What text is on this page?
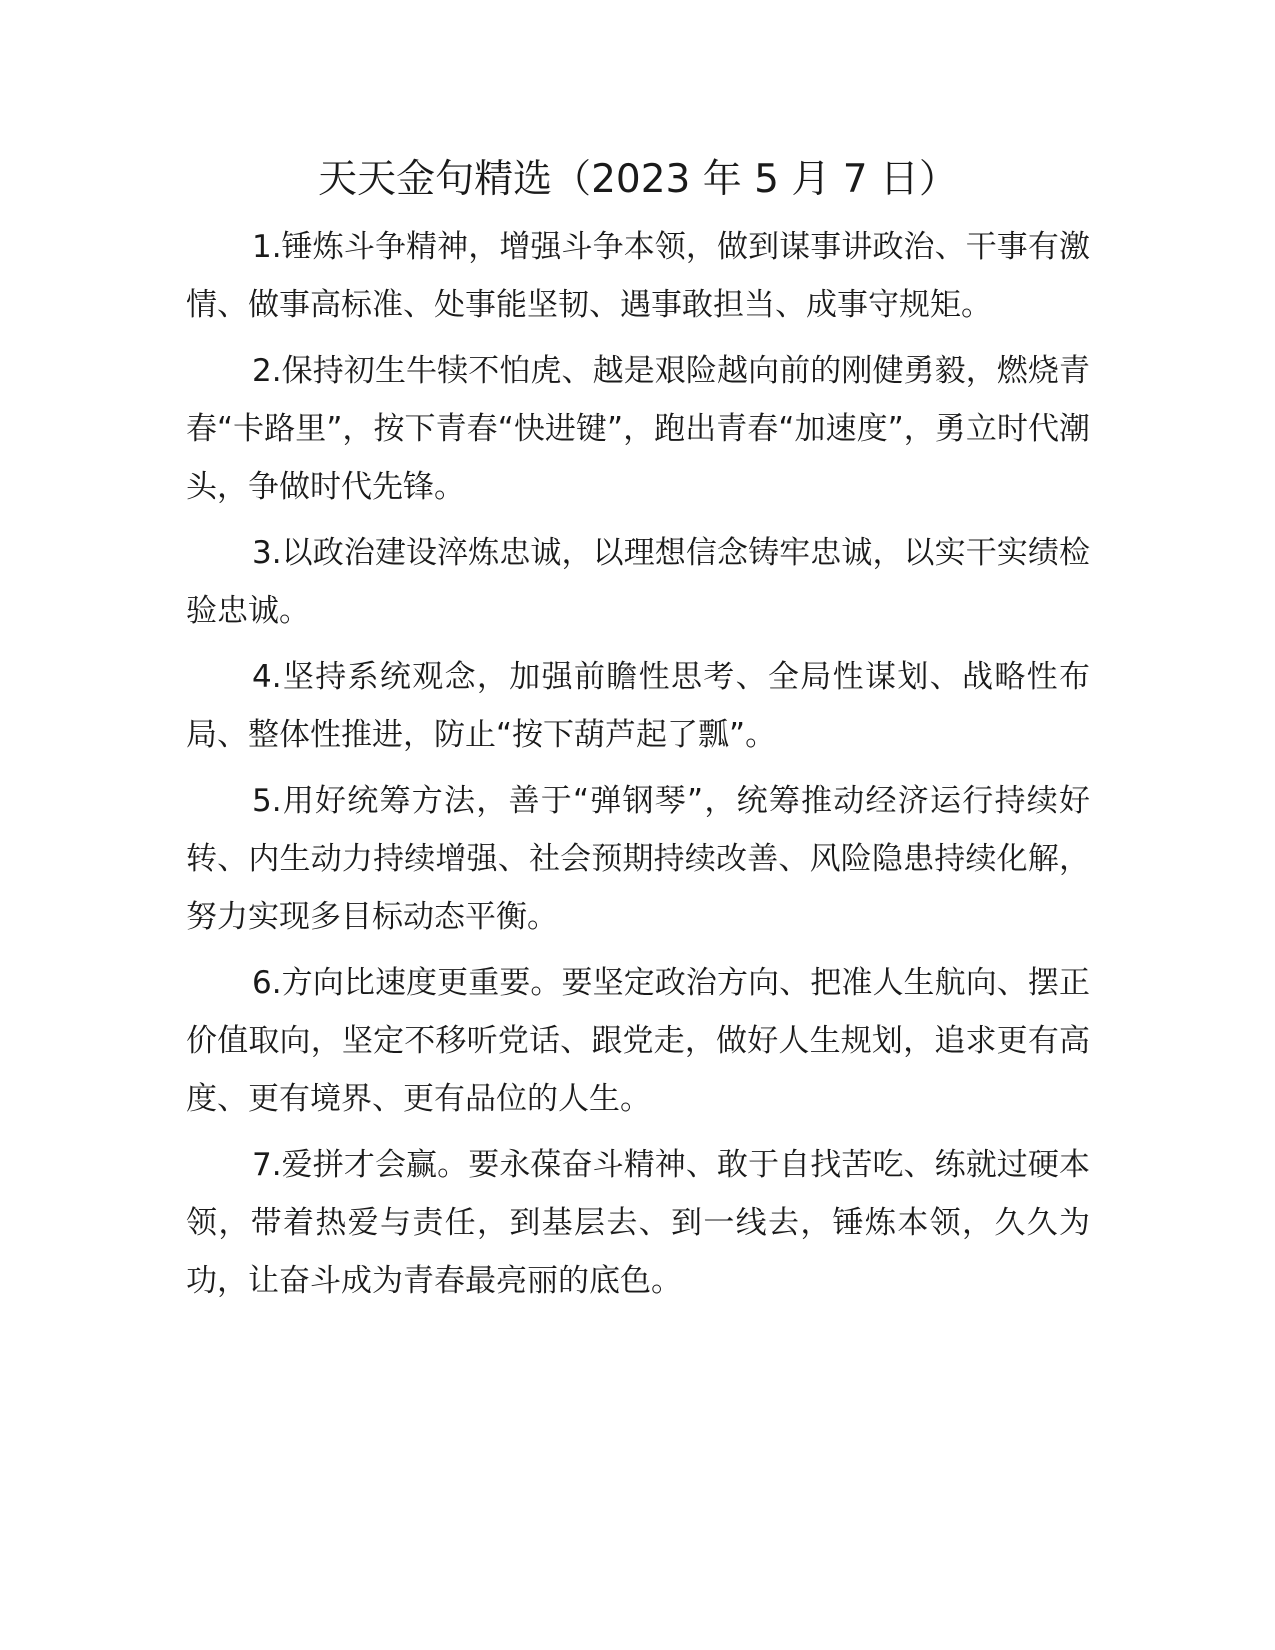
天天金句精选（2023 年 5 月 7 日）

1.锤炼斗争精神，增强斗争本领，做到谋事讲政治、干事有激情、做事高标准、处事能坚韧、遇事敢担当、成事守规矩。

2.保持初生牛犊不怕虎、越是艰险越向前的刚健勇毅，燃烧青春“卡路里”，按下青春“快进键”，跑出青春“加速度”，勇立时代潮头，争做时代先锋。

3.以政治建设淬炼忠诚，以理想信念铸牢忠诚，以实干实绩检验忠诚。

4.坚持系统观念，加强前瞻性思考、全局性谋划、战略性布局、整体性推进，防止“按下葫芦起了瓢”。

5.用好统筹方法，善于“弹钢琴”，统筹推动经济运行持续好转、内生动力持续增强、社会预期持续改善、风险隐患持续化解，努力实现多目标动态平衡。

6.方向比速度更重要。要坚定政治方向、把准人生航向、摆正价值取向，坚定不移听党话、跟党走，做好人生规划，追求更有高度、更有境界、更有品位的人生。

7.爱拼才会赢。要永葆奋斗精神、敢于自找苦吃、练就过硬本领，带着热爱与责任，到基层去、到一线去，锤炼本领，久久为功，让奋斗成为青春最亮丽的底色。
